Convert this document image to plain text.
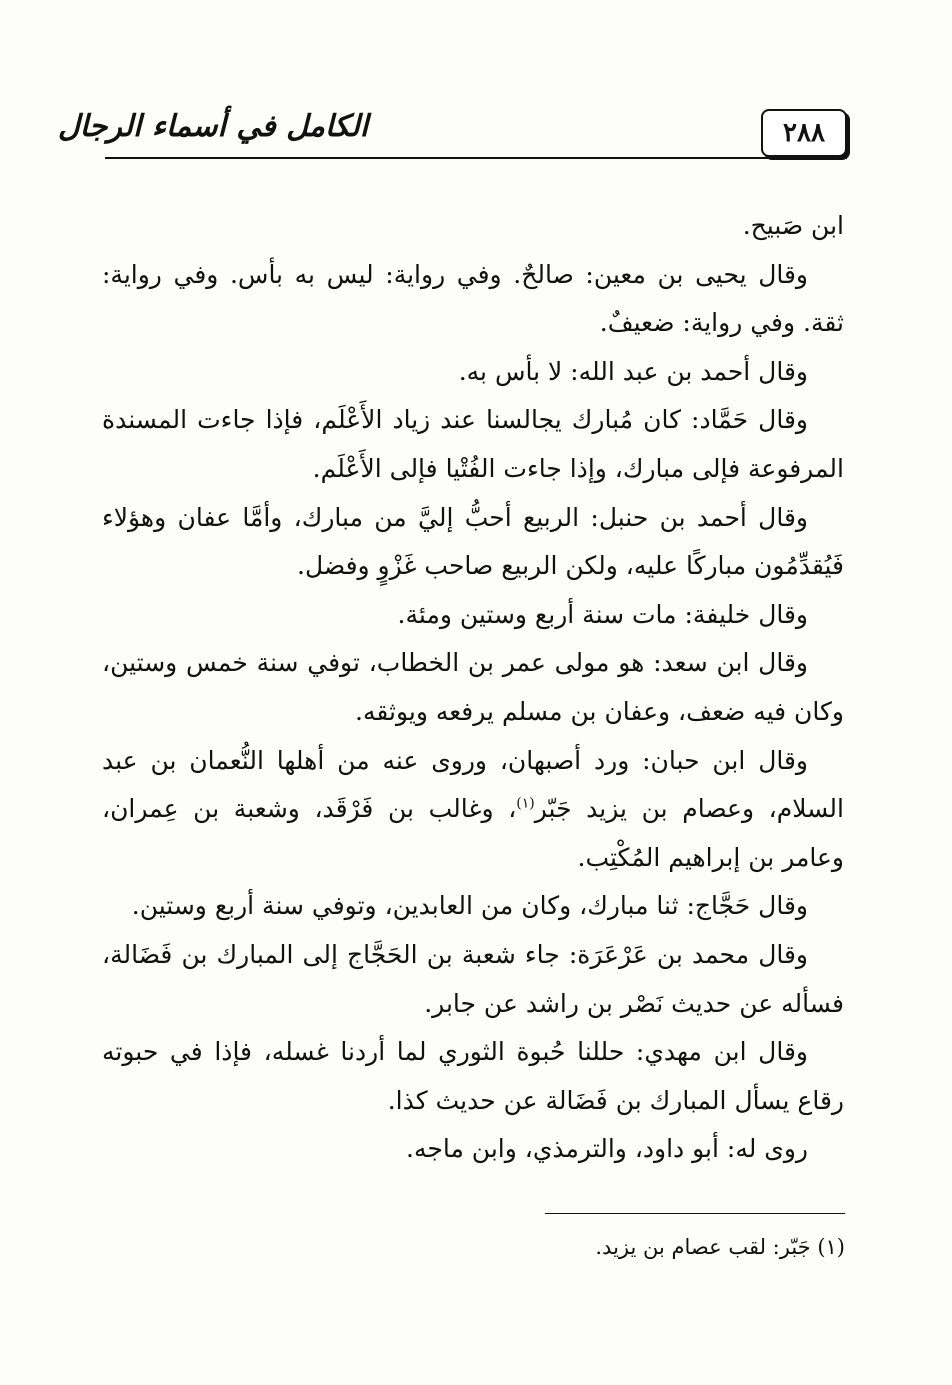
٢٨٨
الكامل في أسماء الرجال

ابن صَبيح.

وقال يحيى بن معين: صالحٌ. وفي رواية: ليس به بأس. وفي رواية: ثقة. وفي رواية: ضعيفٌ.

وقال أحمد بن عبد الله: لا بأس به.

وقال حَمَّاد: كان مُبارك يجالسنا عند زياد الأَعْلَم، فإذا جاءت المسندة المرفوعة فإلى مبارك، وإذا جاءت الفُتْيا فإلى الأَعْلَم.

وقال أحمد بن حنبل: الربيع أحبُّ إليَّ من مبارك، وأمَّا عفان وهؤلاء فَيُقدِّمُون مباركًا عليه، ولكن الربيع صاحب غَزْوٍ وفضل.

وقال خليفة: مات سنة أربع وستين ومئة.

وقال ابن سعد: هو مولى عمر بن الخطاب، توفي سنة خمس وستين، وكان فيه ضعف، وعفان بن مسلم يرفعه ويوثقه.

وقال ابن حبان: ورد أصبهان، وروى عنه من أهلها النُّعمان بن عبد السلام، وعصام بن يزيد جَبّر$^{(١)}$، وغالب بن فَرْقَد، وشعبة بن عِمران، وعامر بن إبراهيم المُكْتِب.

وقال حَجَّاج: ثنا مبارك، وكان من العابدين، وتوفي سنة أربع وستين.

وقال محمد بن عَرْعَرَة: جاء شعبة بن الحَجَّاج إلى المبارك بن فَضَالة، فسأله عن حديث نَصْر بن راشد عن جابر.

وقال ابن مهدي: حللنا حُبوة الثوري لما أردنا غسله، فإذا في حبوته رقاع يسأل المبارك بن فَضَالة عن حديث كذا.

روى له: أبو داود، والترمذي، وابن ماجه.

(١) جَبّر: لقب عصام بن يزيد.
